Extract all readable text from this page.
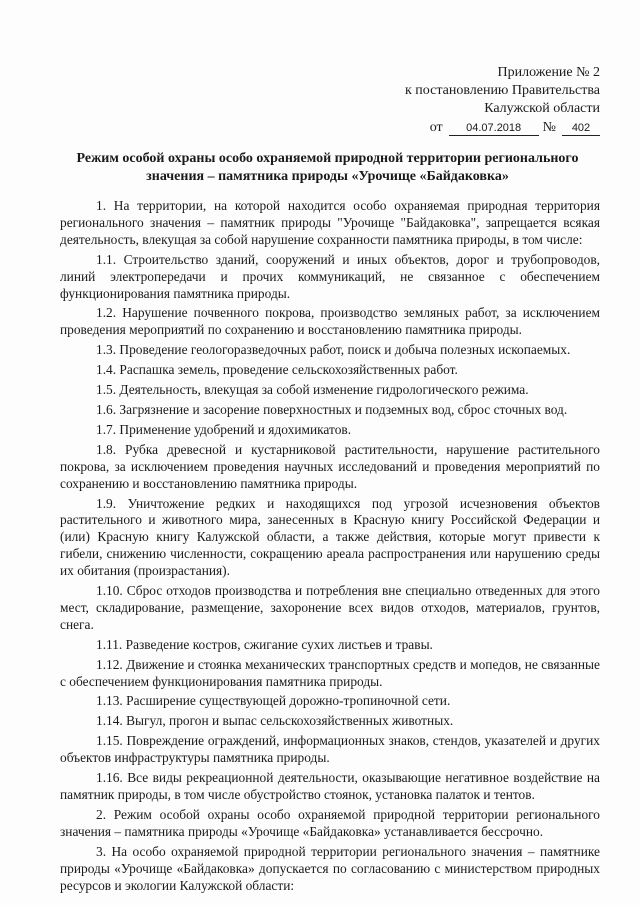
Приложение № 2
к постановлению Правительства
Калужской области
от 04.07.2018 № 402
Режим особой охраны особо охраняемой природной территории регионального значения – памятника природы «Урочище «Байдаковка»

1. На территории, на которой находится особо охраняемая природная территория регионального значения – памятник природы "Урочище "Байдаковка", запрещается всякая деятельность, влекущая за собой нарушение сохранности памятника природы, в том числе:

1.1. Строительство зданий, сооружений и иных объектов, дорог и трубопроводов, линий электропередачи и прочих коммуникаций, не связанное с обеспечением функционирования памятника природы.

1.2. Нарушение почвенного покрова, производство земляных работ, за исключением проведения мероприятий по сохранению и восстановлению памятника природы.

1.3. Проведение геологоразведочных работ, поиск и добыча полезных ископаемых.

1.4. Распашка земель, проведение сельскохозяйственных работ.

1.5. Деятельность, влекущая за собой изменение гидрологического режима.

1.6. Загрязнение и засорение поверхностных и подземных вод, сброс сточных вод.

1.7. Применение удобрений и ядохимикатов.

1.8. Рубка древесной и кустарниковой растительности, нарушение растительного покрова, за исключением проведения научных исследований и проведения мероприятий по сохранению и восстановлению памятника природы.

1.9. Уничтожение редких и находящихся под угрозой исчезновения объектов растительного и животного мира, занесенных в Красную книгу Российской Федерации и (или) Красную книгу Калужской области, а также действия, которые могут привести к гибели, снижению численности, сокращению ареала распространения или нарушению среды их обитания (произрастания).

1.10. Сброс отходов производства и потребления вне специально отведенных для этого мест, складирование, размещение, захоронение всех видов отходов, материалов, грунтов, снега.

1.11. Разведение костров, сжигание сухих листьев и травы.

1.12. Движение и стоянка механических транспортных средств и мопедов, не связанные с обеспечением функционирования памятника природы.

1.13. Расширение существующей дорожно-тропиночной сети.

1.14. Выгул, прогон и выпас сельскохозяйственных животных.

1.15. Повреждение ограждений, информационных знаков, стендов, указателей и других объектов инфраструктуры памятника природы.

1.16. Все виды рекреационной деятельности, оказывающие негативное воздействие на памятник природы, в том числе обустройство стоянок, установка палаток и тентов.

2. Режим особой охраны особо охраняемой природной территории регионального значения – памятника природы «Урочище «Байдаковка» устанавливается бессрочно.

3. На особо охраняемой природной территории регионального значения – памятнике природы «Урочище «Байдаковка» допускается по согласованию с министерством природных ресурсов и экологии Калужской области:
